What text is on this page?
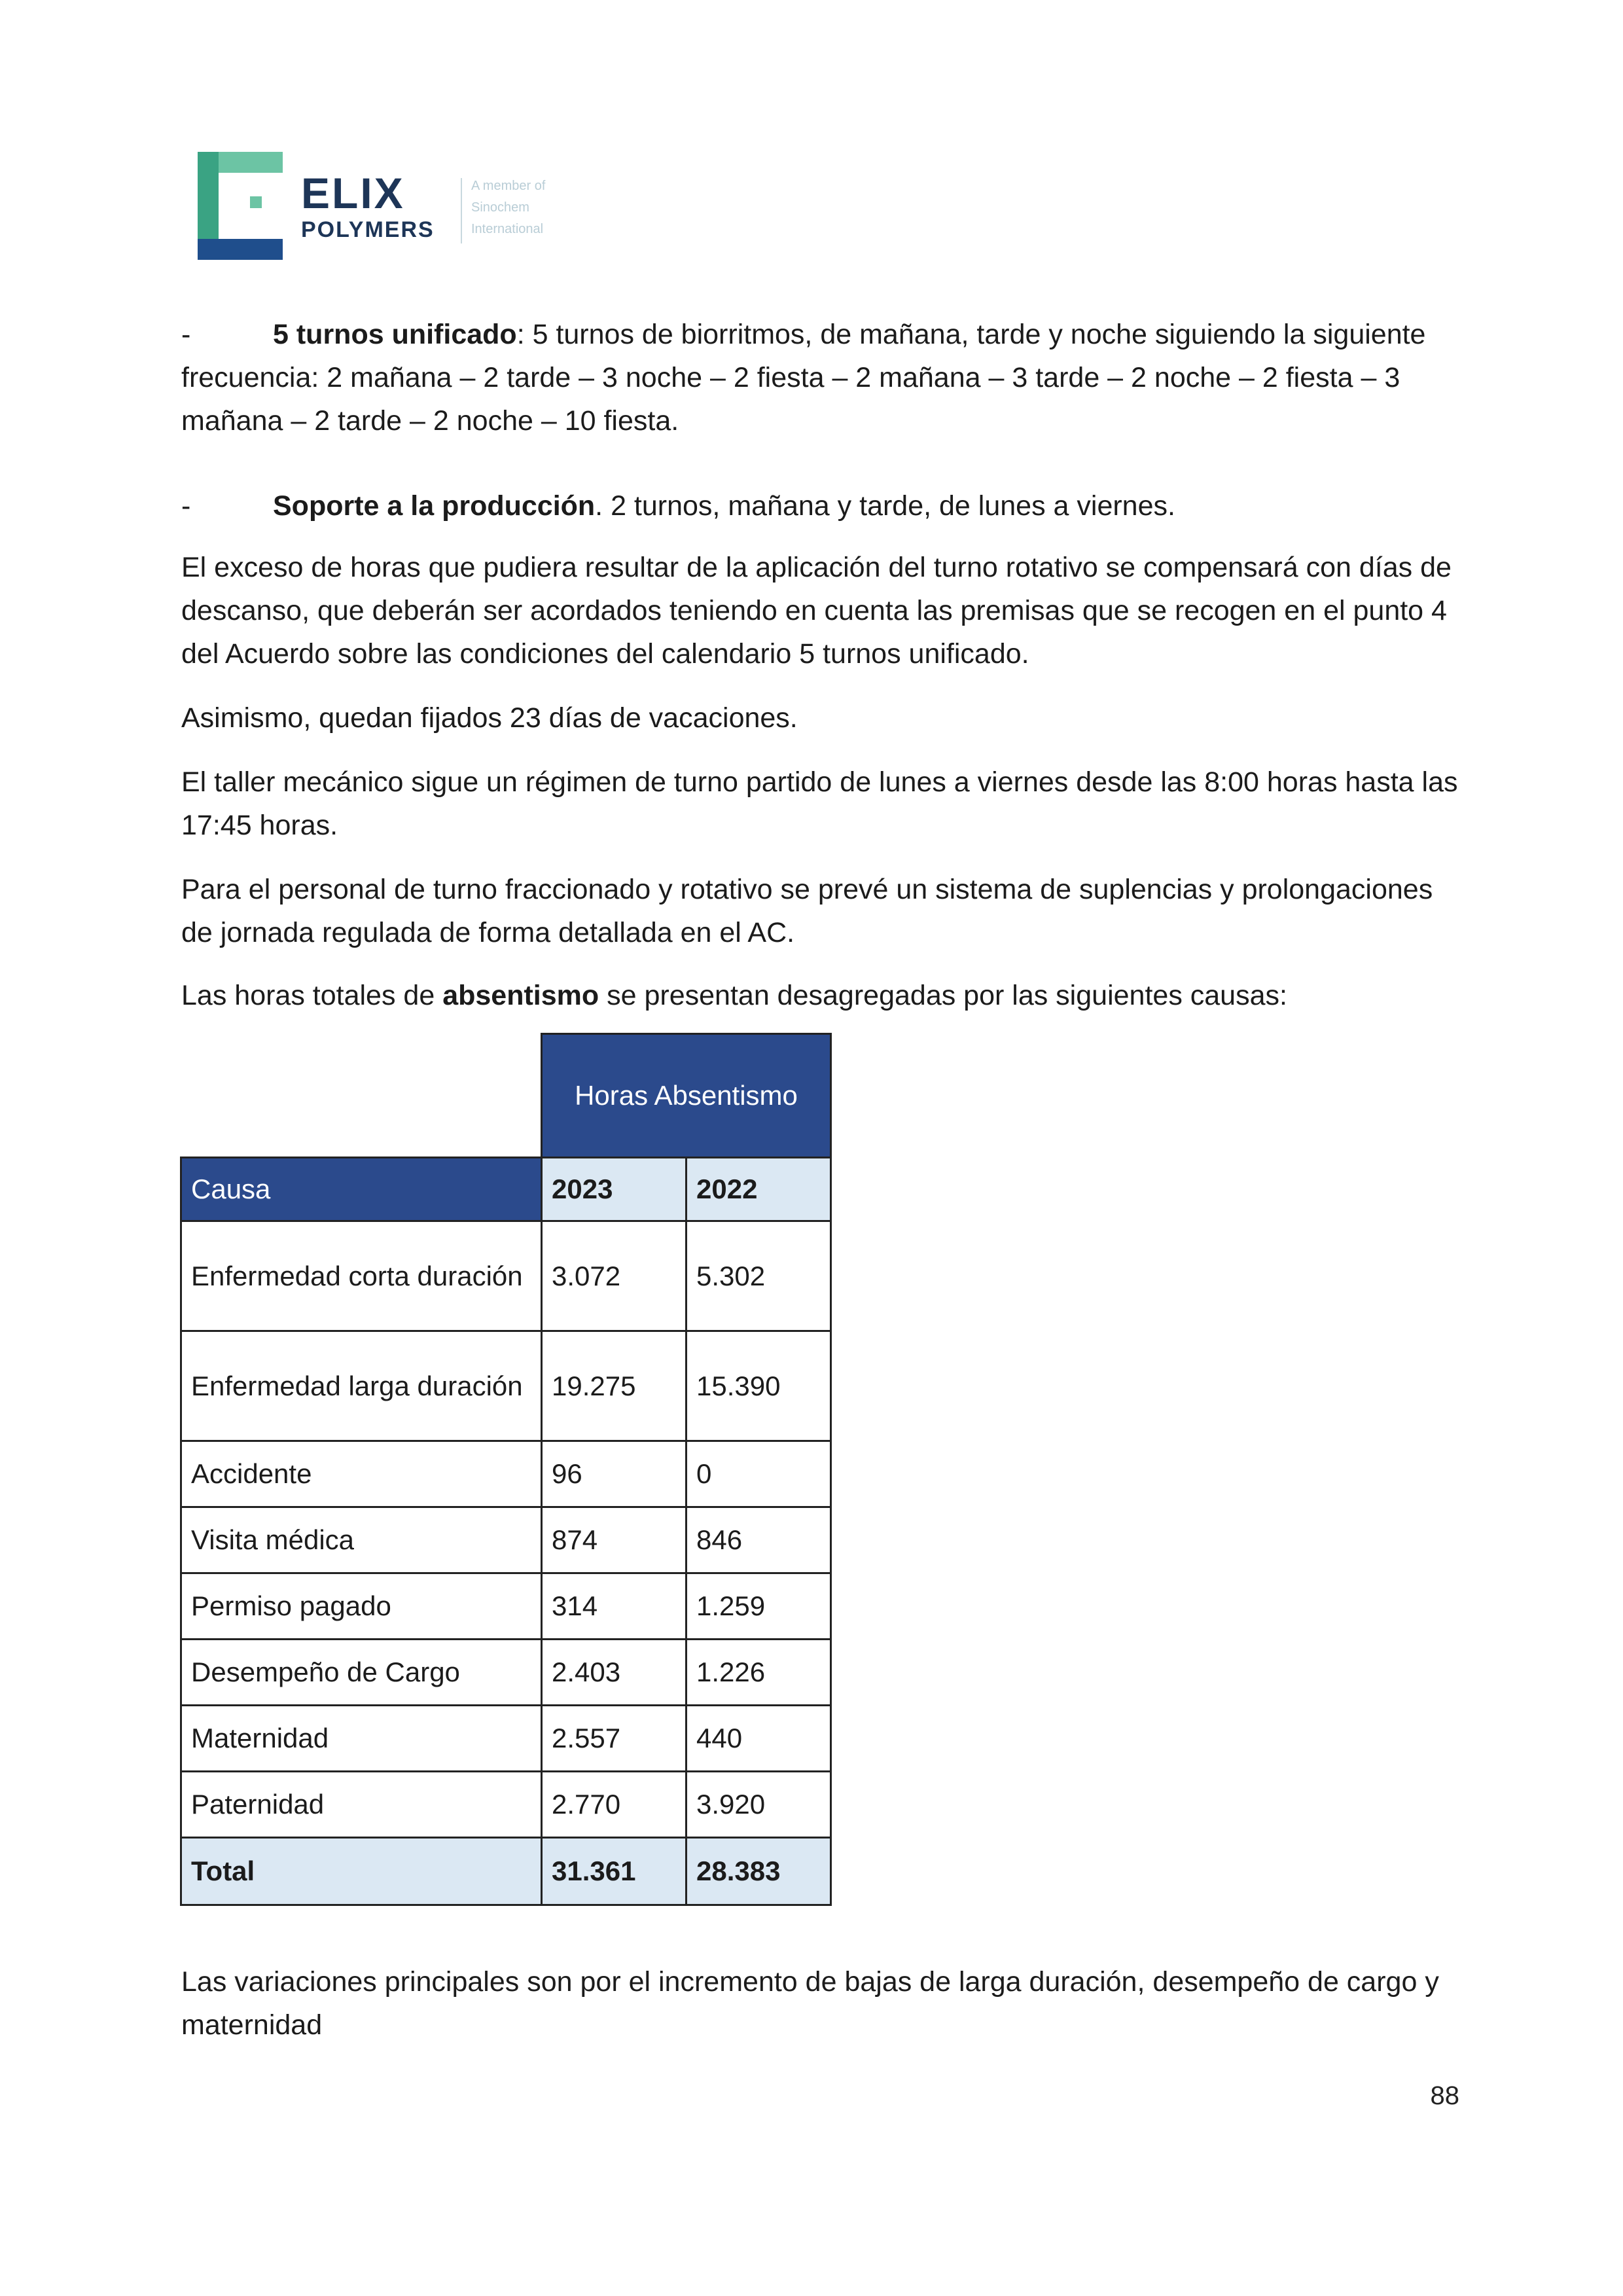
ELIX
POLYMERS
A member of
Sinochem
International
-	5 turnos unificado: 5 turnos de biorritmos, de mañana, tarde y noche siguiendo la siguiente frecuencia: 2 mañana – 2 tarde – 3 noche – 2 fiesta – 2 mañana – 3 tarde – 2 noche – 2 fiesta – 3 mañana – 2 tarde – 2 noche – 10 fiesta.
-	Soporte a la producción. 2 turnos, mañana y tarde, de lunes a viernes.
El exceso de horas que pudiera resultar de la aplicación del turno rotativo se compensará con días de descanso, que deberán ser acordados teniendo en cuenta las premisas que se recogen en el punto 4 del Acuerdo sobre las condiciones del calendario 5 turnos unificado.
Asimismo, quedan fijados 23 días de vacaciones.
El taller mecánico sigue un régimen de turno partido de lunes a viernes desde las 8:00 horas hasta las 17:45 horas.
Para el personal de turno fraccionado y rotativo se prevé un sistema de suplencias y prolongaciones de jornada regulada de forma detallada en el AC.
Las horas totales de absentismo se presentan desagregadas por las siguientes causas:
	Horas Absentismo	
Causa	2023	2022
Enfermedad corta duración	3.072	5.302
Enfermedad larga duración	19.275	15.390
Accidente	96	0
Visita médica	874	846
Permiso pagado	314	1.259
Desempeño de Cargo	2.403	1.226
Maternidad	2.557	440
Paternidad	2.770	3.920
Total	31.361	28.383
Las variaciones principales son por el incremento de bajas de larga duración, desempeño de cargo y maternidad
88
